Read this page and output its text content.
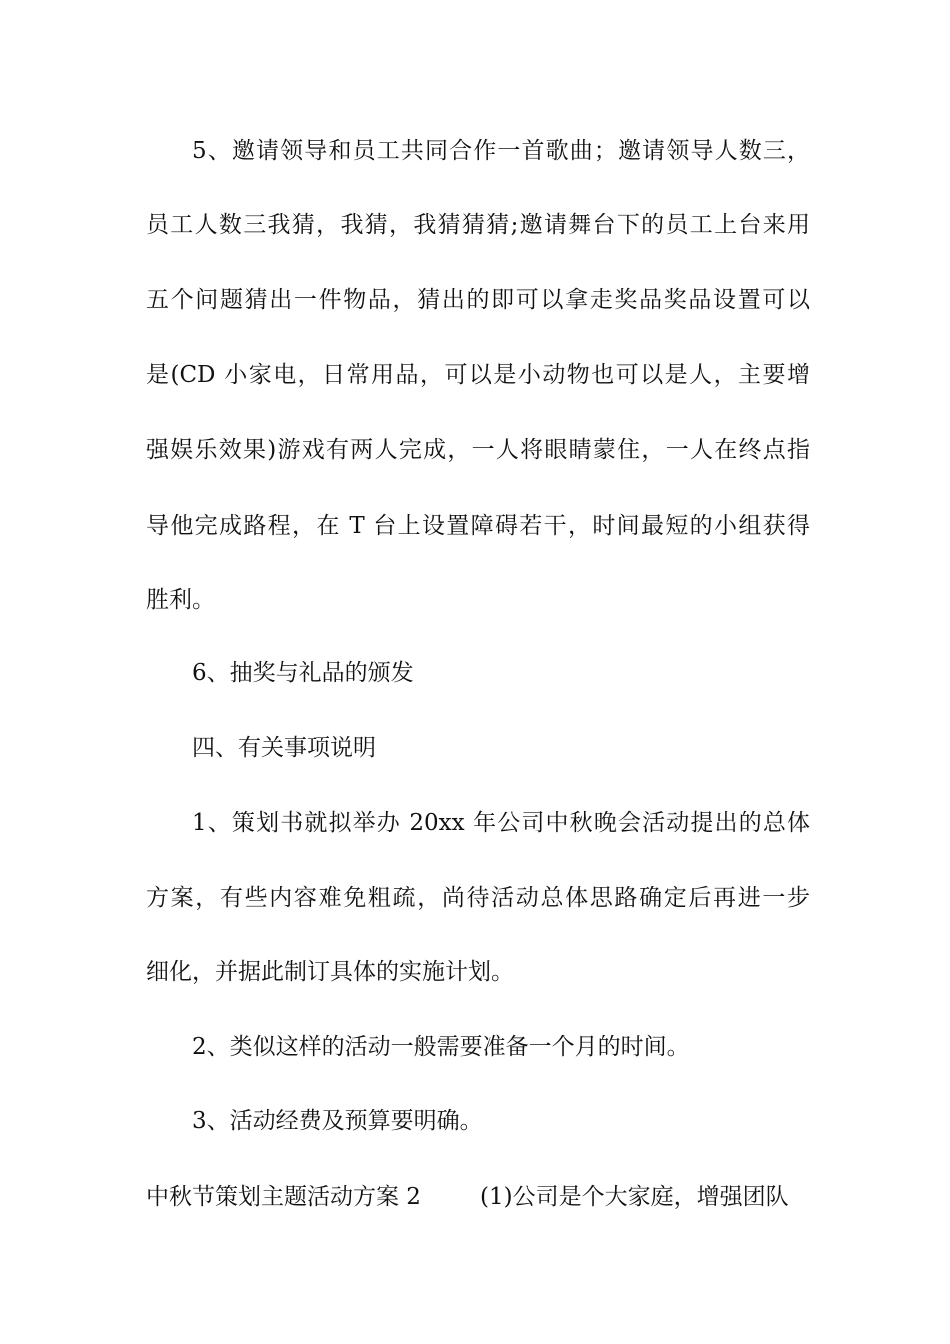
5、邀请领导和员工共同合作一首歌曲；邀请领导人数三，
员工人数三我猜，我猜，我猜猜猜;邀请舞台下的员工上台来用
五个问题猜出一件物品，猜出的即可以拿走奖品奖品设置可以
是(CD 小家电，日常用品，可以是小动物也可以是人，主要增
强娱乐效果)游戏有两人完成，一人将眼睛蒙住，一人在终点指
导他完成路程，在 T 台上设置障碍若干，时间最短的小组获得
胜利。
6、抽奖与礼品的颁发
四、有关事项说明
1、策划书就拟举办 20xx 年公司中秋晚会活动提出的总体
方案，有些内容难免粗疏，尚待活动总体思路确定后再进一步
细化，并据此制订具体的实施计划。
2、类似这样的活动一般需要准备一个月的时间。
3、活动经费及预算要明确。
中秋节策划主题活动方案 2	(1)公司是个大家庭，增强团队
